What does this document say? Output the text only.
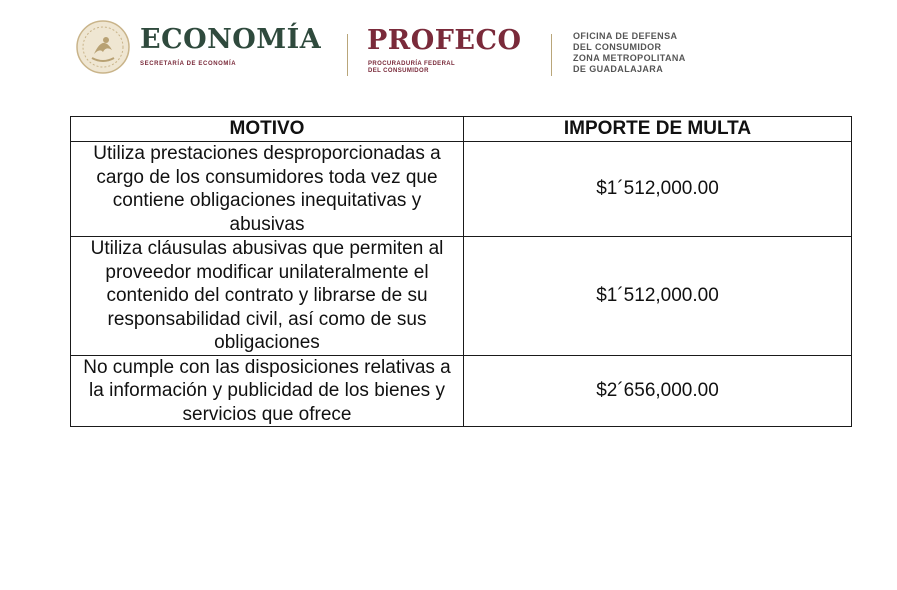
ECONOMÍA
SECRETARÍA DE ECONOMÍA
PROFECO
PROCURADURÍA FEDERAL
DEL CONSUMIDOR
OFICINA DE DEFENSA
DEL CONSUMIDOR
ZONA METROPOLITANA
DE GUADALAJARA
MOTIVO	IMPORTE DE MULTA
Utiliza prestaciones desproporcionadas a cargo de los consumidores toda vez que contiene obligaciones inequitativas y abusivas	$1´512,000.00
Utiliza cláusulas abusivas que permiten al proveedor modificar unilateralmente el contenido del contrato y librarse de su responsabilidad civil, así como de sus obligaciones	$1´512,000.00
No cumple con las disposiciones relativas a la información y publicidad de los bienes y servicios que ofrece	$2´656,000.00
